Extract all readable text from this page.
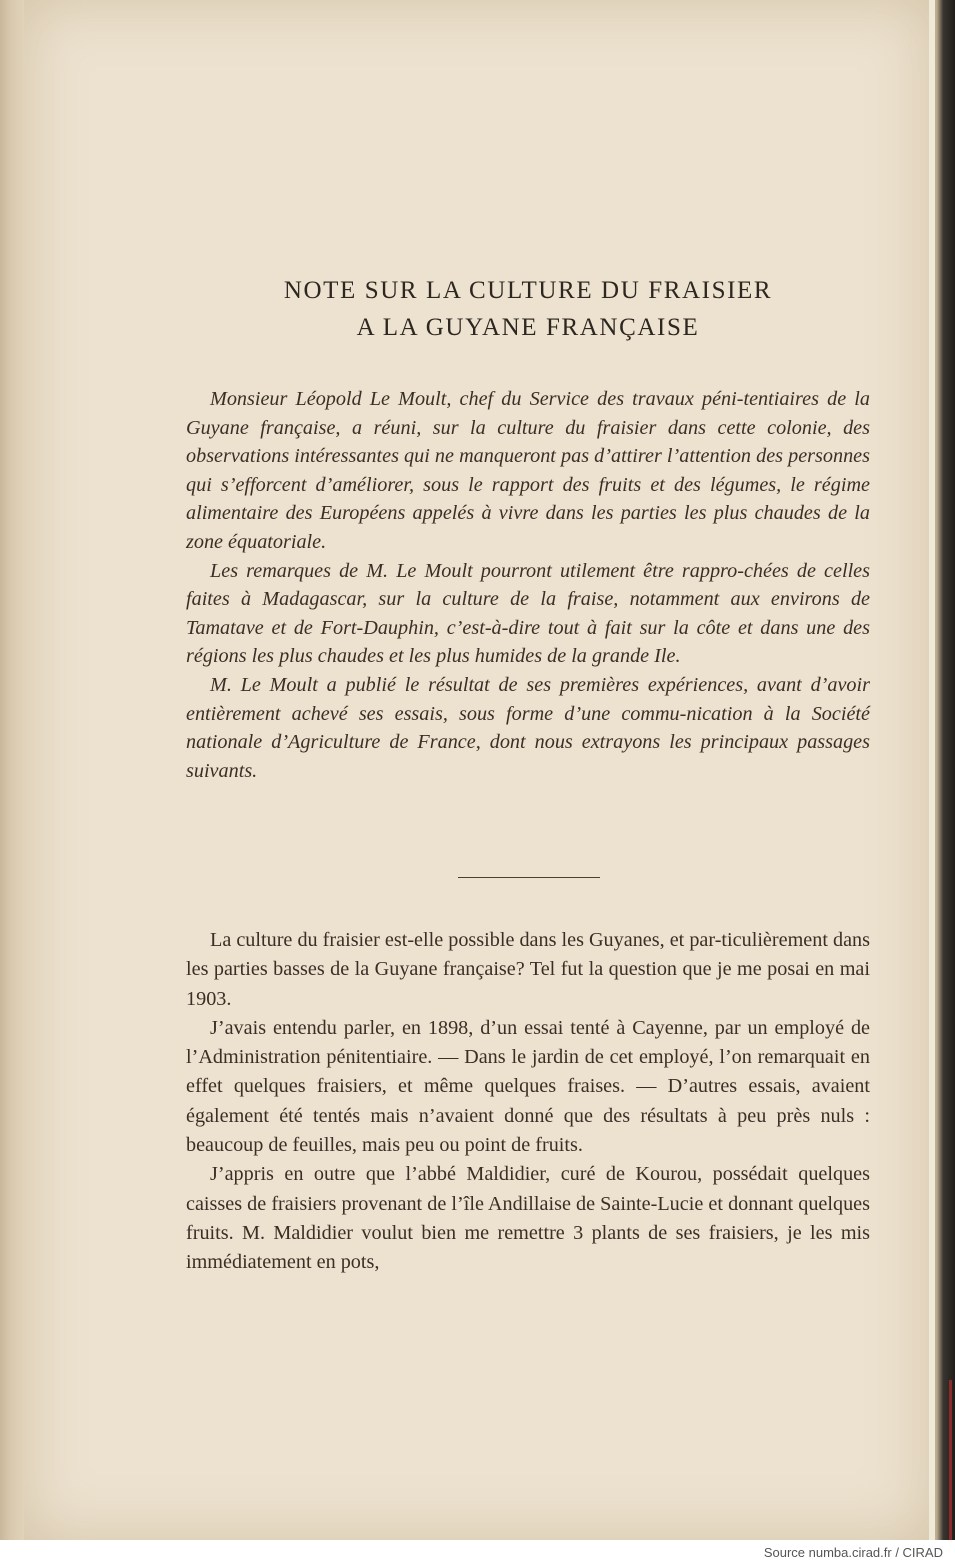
NOTE SUR LA CULTURE DU FRAISIER
A LA GUYANE FRANÇAISE

Monsieur Léopold Le Moult, chef du Service des travaux péni-tentiaires de la Guyane française, a réuni, sur la culture du fraisier dans cette colonie, des observations intéressantes qui ne manqueront pas d’attirer l’attention des personnes qui s’efforcent d’améliorer, sous le rapport des fruits et des légumes, le régime alimentaire des Européens appelés à vivre dans les parties les plus chaudes de la zone équatoriale.

Les remarques de M. Le Moult pourront utilement être rappro-chées de celles faites à Madagascar, sur la culture de la fraise, notamment aux environs de Tamatave et de Fort-Dauphin, c’est-à-dire tout à fait sur la côte et dans une des régions les plus chaudes et les plus humides de la grande Ile.

M. Le Moult a publié le résultat de ses premières expériences, avant d’avoir entièrement achevé ses essais, sous forme d’une commu-nication à la Société nationale d’Agriculture de France, dont nous extrayons les principaux passages suivants.

La culture du fraisier est-elle possible dans les Guyanes, et par-ticulièrement dans les parties basses de la Guyane française? Tel fut la question que je me posai en mai 1903.

J’avais entendu parler, en 1898, d’un essai tenté à Cayenne, par un employé de l’Administration pénitentiaire. — Dans le jardin de cet employé, l’on remarquait en effet quelques fraisiers, et même quelques fraises. — D’autres essais, avaient également été tentés mais n’avaient donné que des résultats à peu près nuls : beaucoup de feuilles, mais peu ou point de fruits.

J’appris en outre que l’abbé Maldidier, curé de Kourou, possédait quelques caisses de fraisiers provenant de l’île Andillaise de Sainte-Lucie et donnant quelques fruits. M. Maldidier voulut bien me remettre 3 plants de ses fraisiers, je les mis immédiatement en pots,

Source numba.cirad.fr / CIRAD
